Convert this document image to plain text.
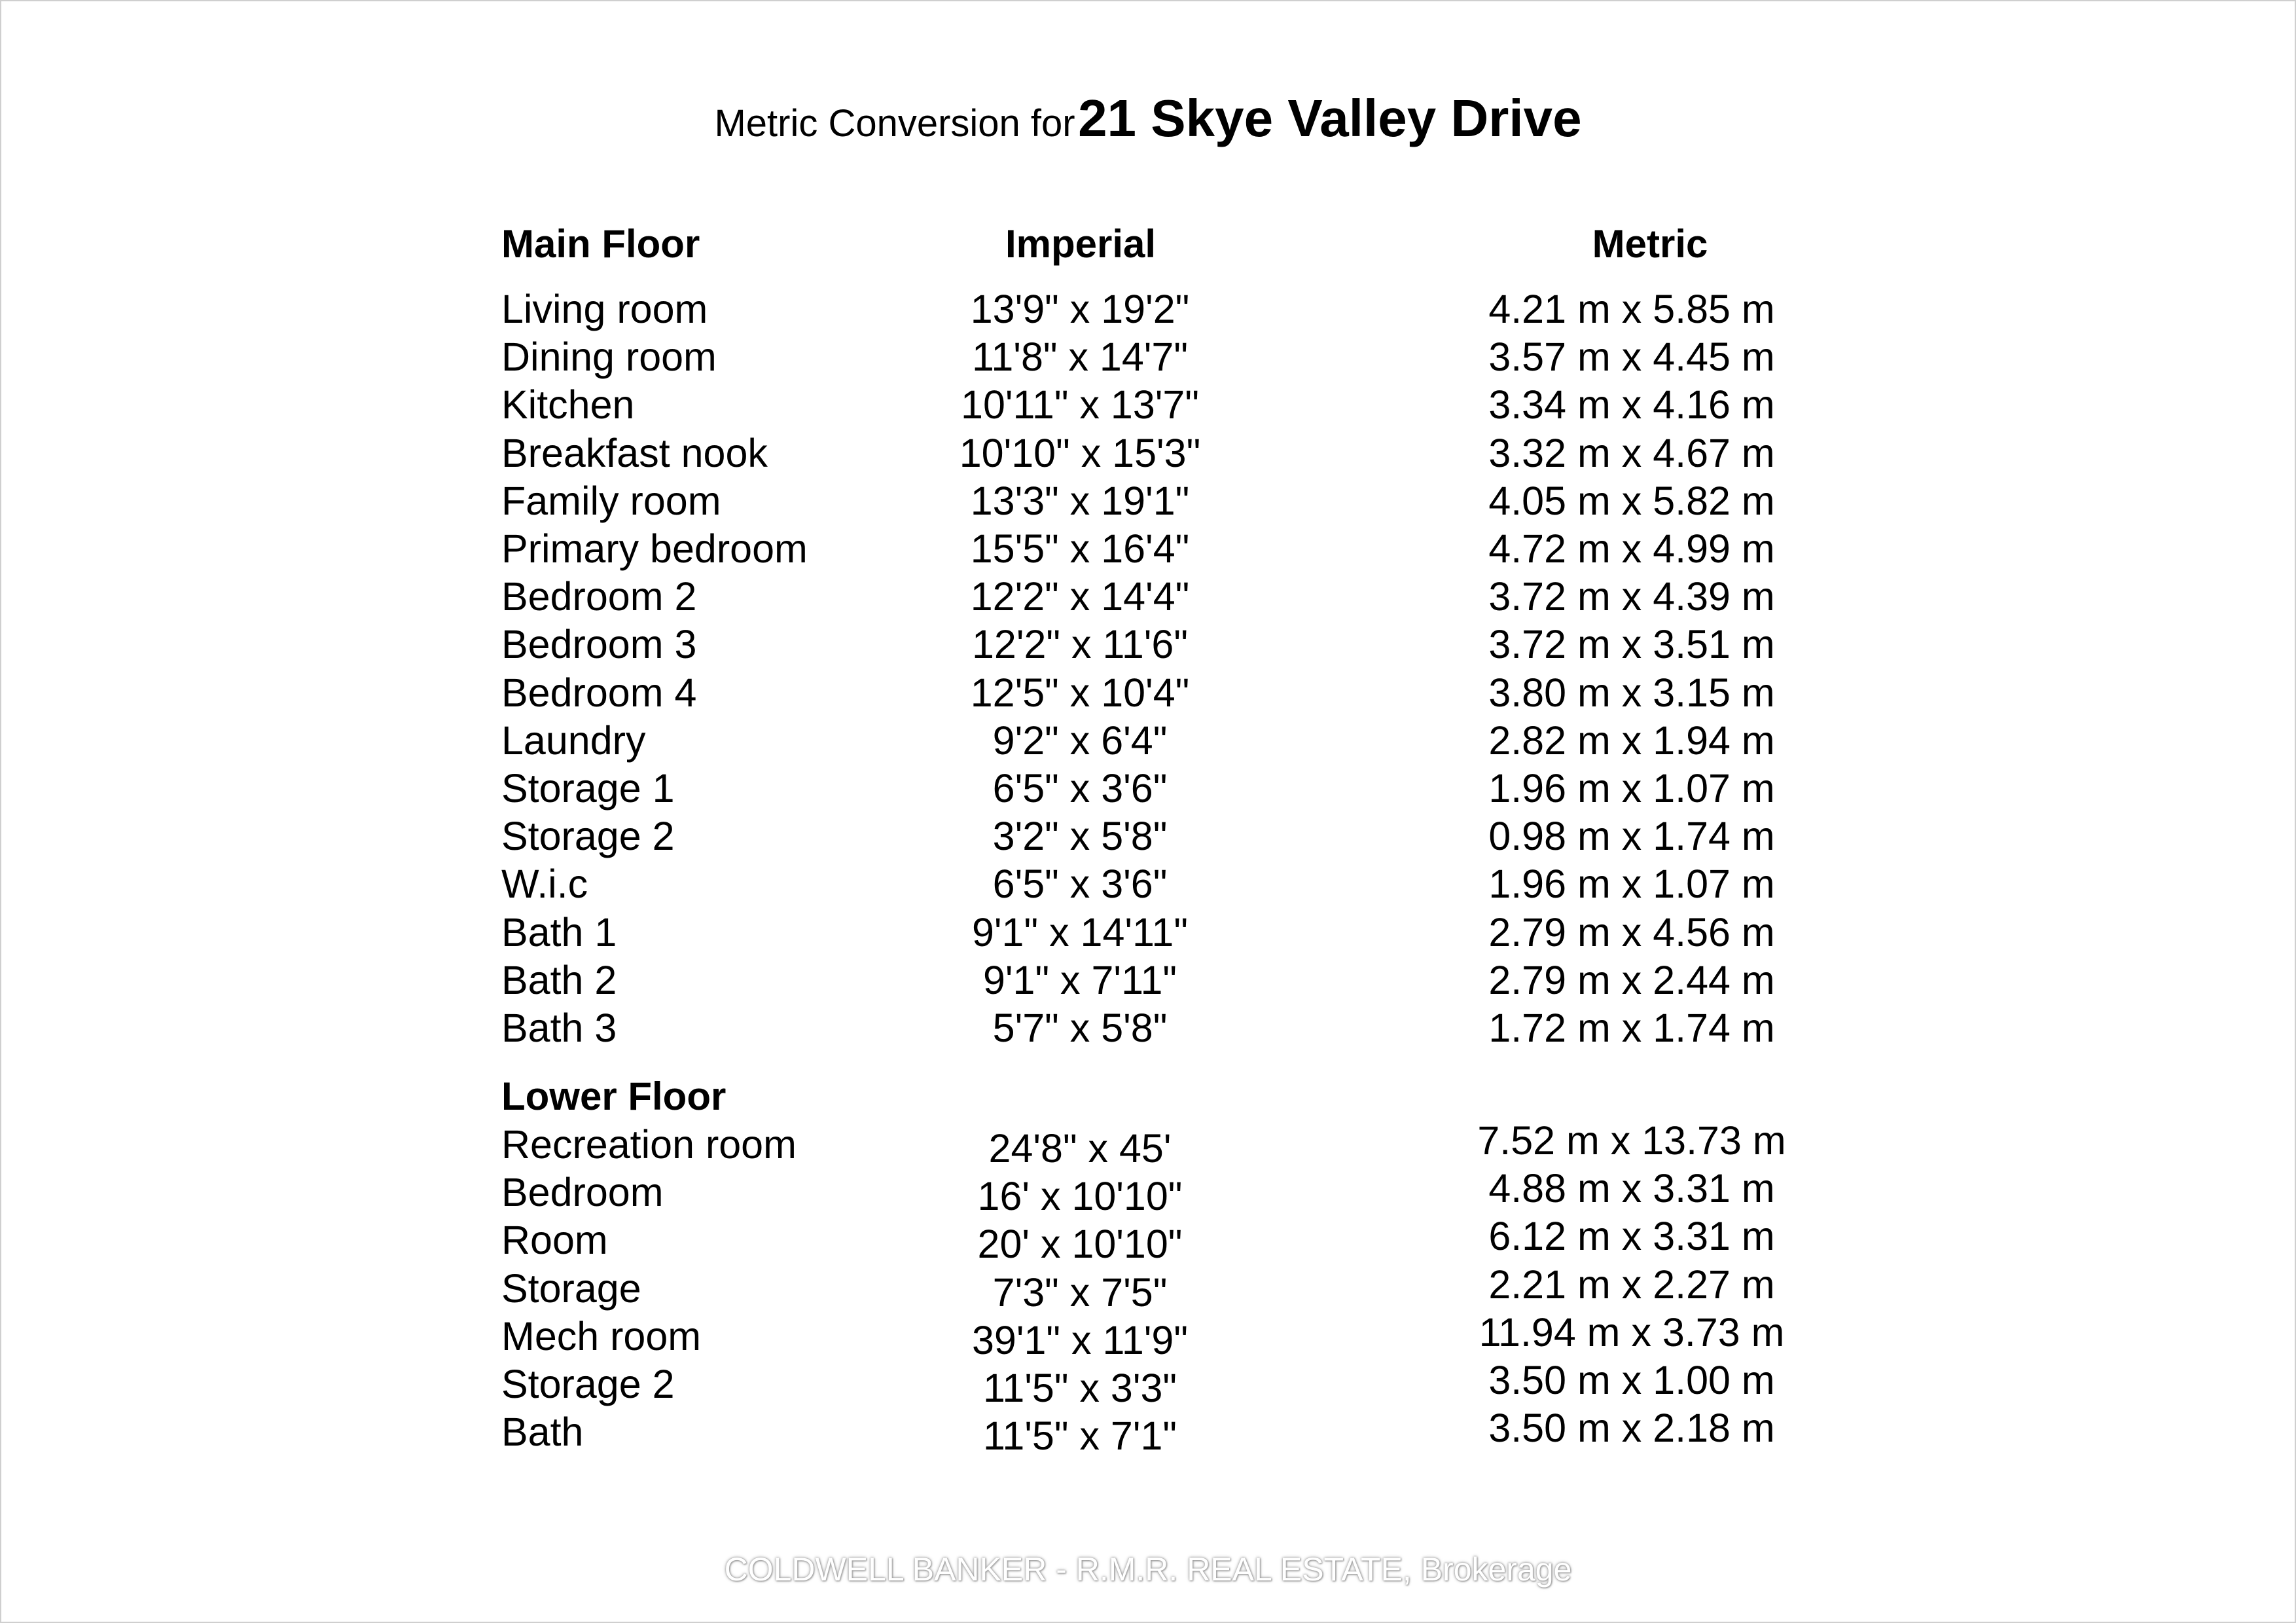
Metric Conversion for 21 Skye Valley Drive
Main Floor	Imperial	Metric
Living room	13'9" x 19'2"	4.21 m x 5.85 m
Dining room	11'8" x 14'7"	3.57 m x 4.45 m
Kitchen	10'11" x 13'7"	3.34 m x 4.16 m
Breakfast nook	10'10" x 15'3"	3.32 m x 4.67 m
Family room	13'3" x 19'1"	4.05 m x 5.82 m
Primary bedroom	15'5" x 16'4"	4.72 m x 4.99 m
Bedroom 2	12'2" x 14'4"	3.72 m x 4.39 m
Bedroom 3	12'2" x 11'6"	3.72 m x 3.51 m
Bedroom 4	12'5" x 10'4"	3.80 m x 3.15 m
Laundry	9'2" x 6'4"	2.82 m x 1.94 m
Storage 1	6'5" x 3'6"	1.96 m x 1.07 m
Storage 2	3'2" x 5'8"	0.98 m x 1.74 m
W.i.c	6'5" x 3'6"	1.96 m x 1.07 m
Bath 1	9'1" x 14'11"	2.79 m x 4.56 m
Bath 2	9'1" x 7'11"	2.79 m x 2.44 m
Bath 3	5'7" x 5'8"	1.72 m x 1.74 m
Lower Floor
Recreation room	24'8" x 45'	7.52 m x 13.73 m
Bedroom	16' x 10'10"	4.88 m x 3.31 m
Room	20' x 10'10"	6.12 m x 3.31 m
Storage	7'3" x 7'5"	2.21 m x 2.27 m
Mech room	39'1" x 11'9"	11.94 m x 3.73 m
Storage 2	11'5" x 3'3"	3.50 m x 1.00 m
Bath	11'5" x 7'1"	3.50 m x 2.18 m
COLDWELL BANKER - R.M.R. REAL ESTATE, Brokerage
